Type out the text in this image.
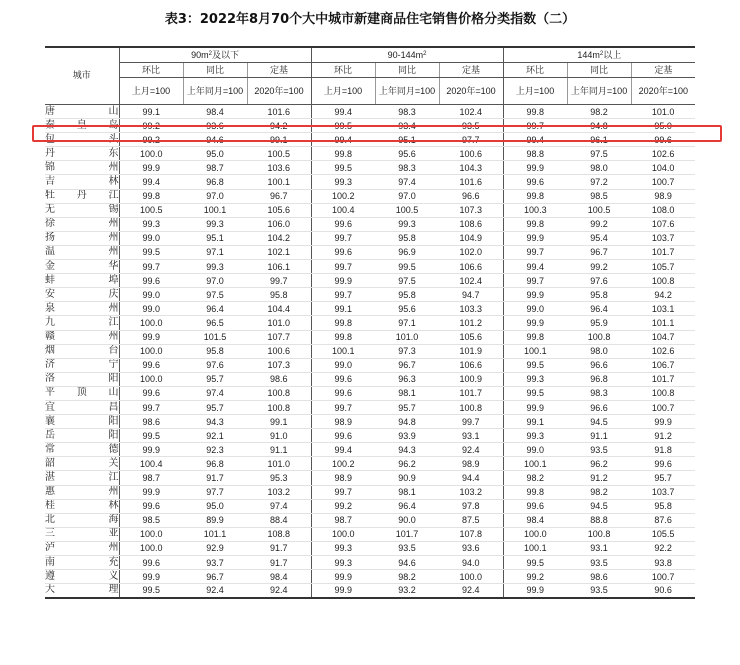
表3：2022年8月70个大中城市新建商品住宅销售价格分类指数（二）
城市	$90m^2$及以下			$90-144m^2$			$144m^2$以上		
	环比	同比	定基	环比	同比	定基	环比	同比	定基
	上月=100	上年同月=100	2020年=100	上月=100	上年同月=100	2020年=100	上月=100	上年同月=100	2020年=100
唐山	99.1	98.4	101.6	99.4	98.3	102.4	99.8	98.2	101.0
秦皇岛	99.2	93.6	94.2	99.5	93.4	93.5	99.7	94.8	95.0
包头	99.2	94.6	99.1	99.4	95.1	97.7	99.4	96.1	99.6
丹东	100.0	95.0	100.5	99.8	95.6	100.6	98.8	97.5	102.6
锦州	99.9	98.7	103.6	99.5	98.3	104.3	99.9	98.0	104.0
吉林	99.4	96.8	100.1	99.3	97.4	101.6	99.6	97.2	100.7
牡丹江	99.8	97.0	96.7	100.2	97.0	96.6	99.8	98.5	98.9
无锡	100.5	100.1	105.6	100.4	100.5	107.3	100.3	100.5	108.0
徐州	99.3	99.3	106.0	99.6	99.3	108.6	99.8	99.2	107.6
扬州	99.0	95.1	104.2	99.7	95.8	104.9	99.9	95.4	103.7
温州	99.5	97.1	102.1	99.6	96.9	102.0	99.7	96.7	101.7
金华	99.7	99.3	106.1	99.7	99.5	106.6	99.4	99.2	105.7
蚌埠	99.6	97.0	99.7	99.9	97.5	102.4	99.7	97.6	100.8
安庆	99.0	97.5	95.8	99.7	95.8	94.7	99.9	95.8	94.2
泉州	99.0	96.4	104.4	99.1	95.6	103.3	99.0	96.4	103.1
九江	100.0	96.5	101.0	99.8	97.1	101.2	99.9	95.9	101.1
赣州	99.9	101.5	107.7	99.8	101.0	105.6	99.8	100.8	104.7
烟台	100.0	95.8	100.6	100.1	97.3	101.9	100.1	98.0	102.6
济宁	99.6	97.6	107.3	99.0	96.7	106.6	99.5	96.6	106.7
洛阳	100.0	95.7	98.6	99.6	96.3	100.9	99.3	96.8	101.7
平顶山	99.6	97.4	100.8	99.6	98.1	101.7	99.5	98.3	100.8
宜昌	99.7	95.7	100.8	99.7	95.7	100.8	99.9	96.6	100.7
襄阳	98.6	94.3	99.1	98.9	94.8	99.7	99.1	94.5	99.9
岳阳	99.5	92.1	91.0	99.6	93.9	93.1	99.3	91.1	91.2
常德	99.9	92.3	91.1	99.4	94.3	92.4	99.0	93.5	91.8
韶关	100.4	96.8	101.0	100.2	96.2	98.9	100.1	96.2	99.6
湛江	98.7	91.7	95.3	98.9	90.9	94.4	98.2	91.2	95.7
惠州	99.9	97.7	103.2	99.7	98.1	103.2	99.8	98.2	103.7
桂林	99.6	95.0	97.4	99.2	96.4	97.8	99.6	94.5	95.8
北海	98.5	89.9	88.4	98.7	90.0	87.5	98.4	88.8	87.6
三亚	100.0	101.1	108.8	100.0	101.7	107.8	100.0	100.8	105.5
泸州	100.0	92.9	91.7	99.3	93.5	93.6	100.1	93.1	92.2
南充	99.6	93.7	91.7	99.3	94.6	94.0	99.5	93.5	93.8
遵义	99.9	96.7	98.4	99.9	98.2	100.0	99.2	98.6	100.7
大理	99.5	92.4	92.4	99.9	93.2	92.4	99.9	93.5	90.6
